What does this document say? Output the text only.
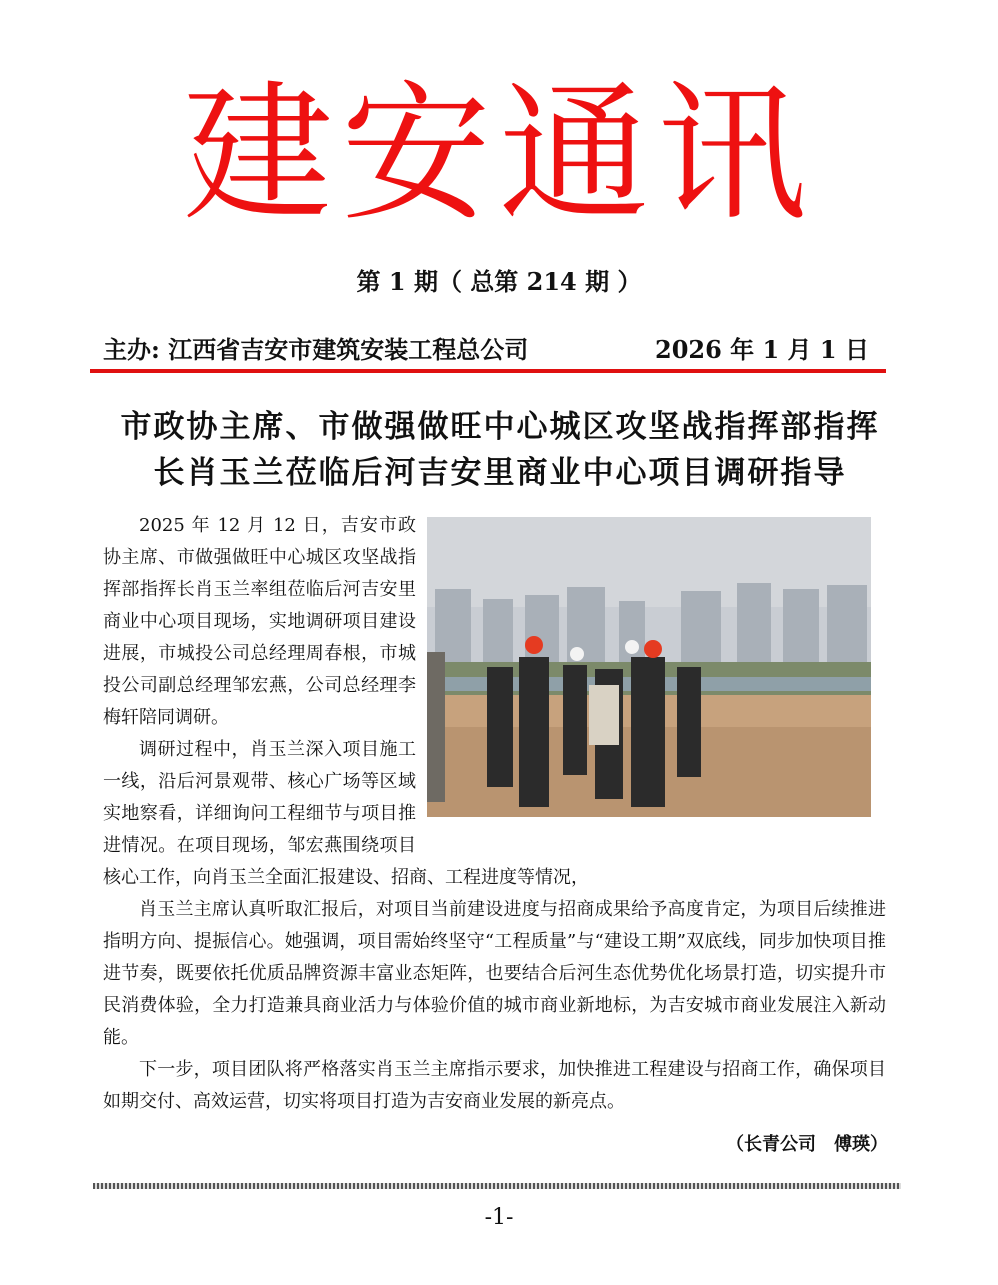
建安通讯
第 1 期（ 总第 214 期 ）
主办: 江西省吉安市建筑安装工程总公司	2026 年 1 月 1 日
市政协主席、市做强做旺中心城区攻坚战指挥部指挥
长肖玉兰莅临后河吉安里商业中心项目调研指导

2025 年 12 月 12 日，吉安市政协主席、市做强做旺中心城区攻坚战指挥部指挥长肖玉兰率组莅临后河吉安里商业中心项目现场，实地调研项目建设进展，市城投公司总经理周春根，市城投公司副总经理邹宏燕，公司总经理李梅轩陪同调研。

调研过程中，肖玉兰深入项目施工一线，沿后河景观带、核心广场等区域实地察看，详细询问工程细节与项目推进情况。在项目现场，邹宏燕围绕项目核心工作，向肖玉兰全面汇报建设、招商、工程进度等情况，

肖玉兰主席认真听取汇报后，对项目当前建设进度与招商成果给予高度肯定，为项目后续推进指明方向、提振信心。她强调，项目需始终坚守“工程质量”与“建设工期”双底线，同步加快项目推进节奏，既要依托优质品牌资源丰富业态矩阵，也要结合后河生态优势优化场景打造，切实提升市民消费体验，全力打造兼具商业活力与体验价值的城市商业新地标，为吉安城市商业发展注入新动能。

下一步，项目团队将严格落实肖玉兰主席指示要求，加快推进工程建设与招商工作，确保项目如期交付、高效运营，切实将项目打造为吉安商业发展的新亮点。

（长青公司　傅瑛）
-1-
